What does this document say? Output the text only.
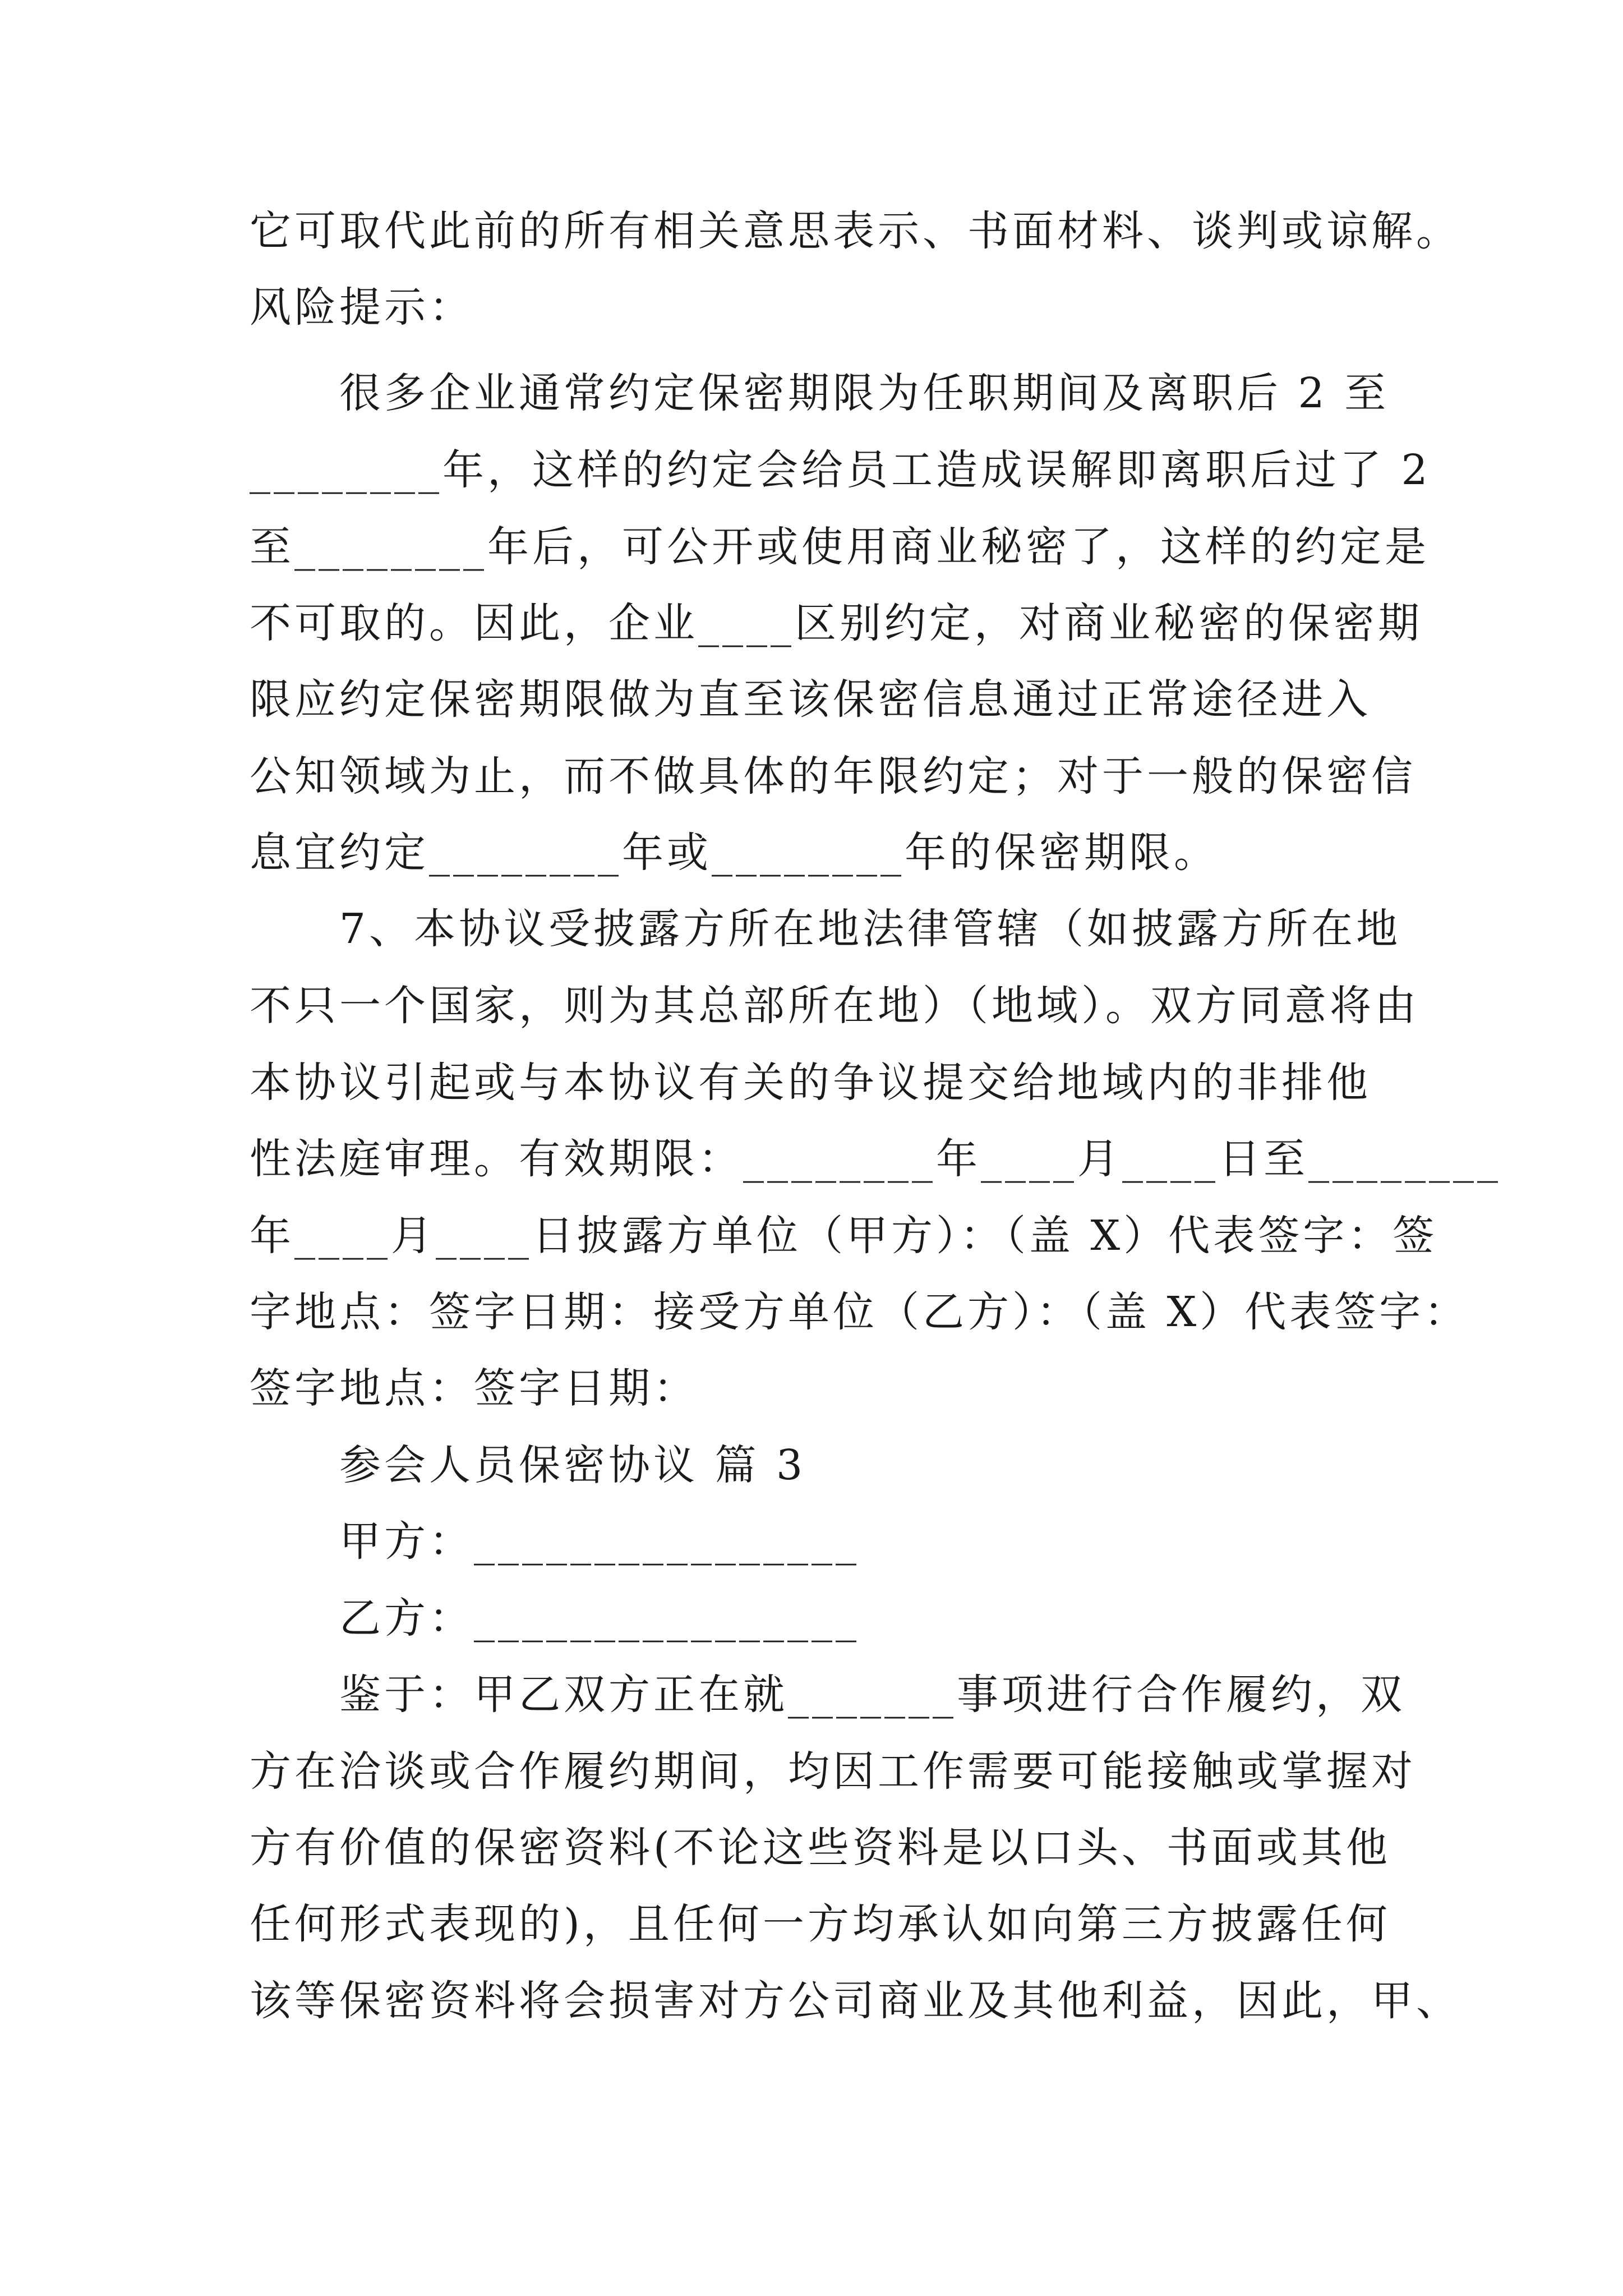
它可取代此前的所有相关意思表示、书面材料、谈判或谅解。
风险提示：
很多企业通常约定保密期限为任职期间及离职后 2 至
________年，这样的约定会给员工造成误解即离职后过了 2
至________年后，可公开或使用商业秘密了，这样的约定是
不可取的。因此，企业____区别约定，对商业秘密的保密期
限应约定保密期限做为直至该保密信息通过正常途径进入
公知领域为止，而不做具体的年限约定；对于一般的保密信
息宜约定________年或________年的保密期限。
7、本协议受披露方所在地法律管辖（如披露方所在地
不只一个国家，则为其总部所在地）（地域）。双方同意将由
本协议引起或与本协议有关的争议提交给地域内的非排他
性法庭审理。有效期限：________年____月____日至________
年____月____日披露方单位（甲方）：（盖 X）代表签字：签
字地点：签字日期：接受方单位（乙方）：（盖 X）代表签字：
签字地点：签字日期：
参会人员保密协议 篇 3
甲方：________________
乙方：________________
鉴于：甲乙双方正在就_______事项进行合作履约，双
方在洽谈或合作履约期间，均因工作需要可能接触或掌握对
方有价值的保密资料(不论这些资料是以口头、书面或其他
任何形式表现的)，且任何一方均承认如向第三方披露任何
该等保密资料将会损害对方公司商业及其他利益，因此，甲、
